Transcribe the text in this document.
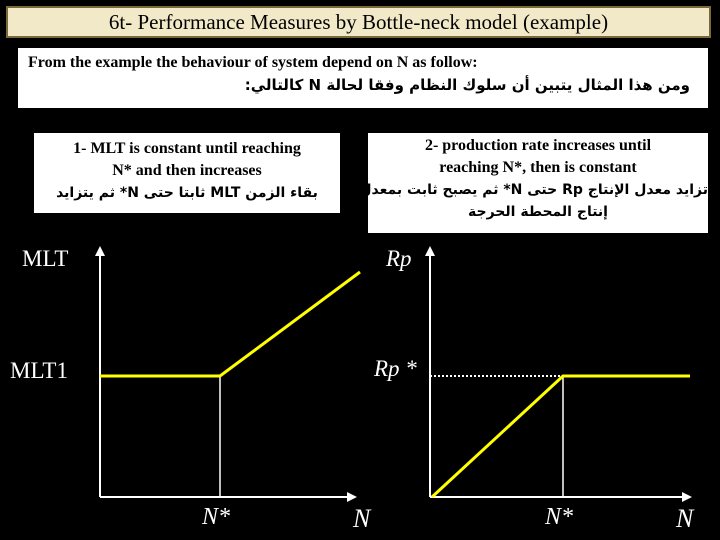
6t- Performance Measures by Bottle-neck model (example)
From the example the behaviour of system depend on N as follow:
ومن هذا المثال يتبين أن سلوك النظام وفقا لحالة N كالتالي:
1- MLT is constant until reaching
N* and then increases
بقاء الزمن MLT ثابتا حتى N* ثم يتزايد
2- production rate increases until
reaching N*, then is constant
تزايد معدل الإنتاج Rp حتى N* ثم يصبح ثابت بمعدل
إنتاج المحطة الحرجة
MLT
MLT1
N*	N
Rp
Rp *
N*	N
